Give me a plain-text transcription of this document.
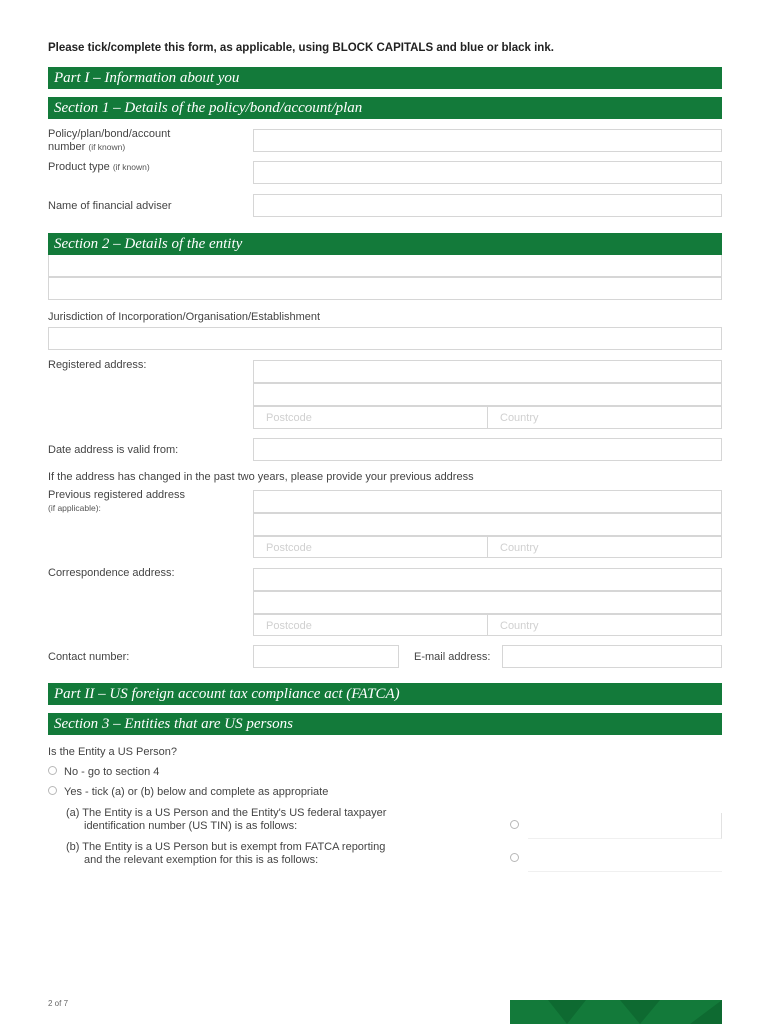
Please tick/complete this form, as applicable, using BLOCK CAPITALS and blue or black ink.
Part I – Information about you
Section 1 – Details of the policy/bond/account/plan
Policy/plan/bond/account
number (if known)
Product type (if known)
Name of financial adviser
Section 2 – Details of the entity
Jurisdiction of Incorporation/Organisation/Establishment
Registered address:
Postcode	Country
Date address is valid from:
If the address has changed in the past two years, please provide your previous address
Previous registered address
(if applicable):
Postcode	Country
Correspondence address:
Postcode	Country
Contact number:	E-mail address:
Part II – US foreign account tax compliance act (FATCA)
Section 3 – Entities that are US persons
Is the Entity a US Person?
No - go to section 4
Yes - tick (a) or (b) below and complete as appropriate
(a) The Entity is a US Person and the Entity's US federal taxpayer
identification number (US TIN) is as follows:
(b) The Entity is a US Person but is exempt from FATCA reporting
and the relevant exemption for this is as follows:
2 of 7
